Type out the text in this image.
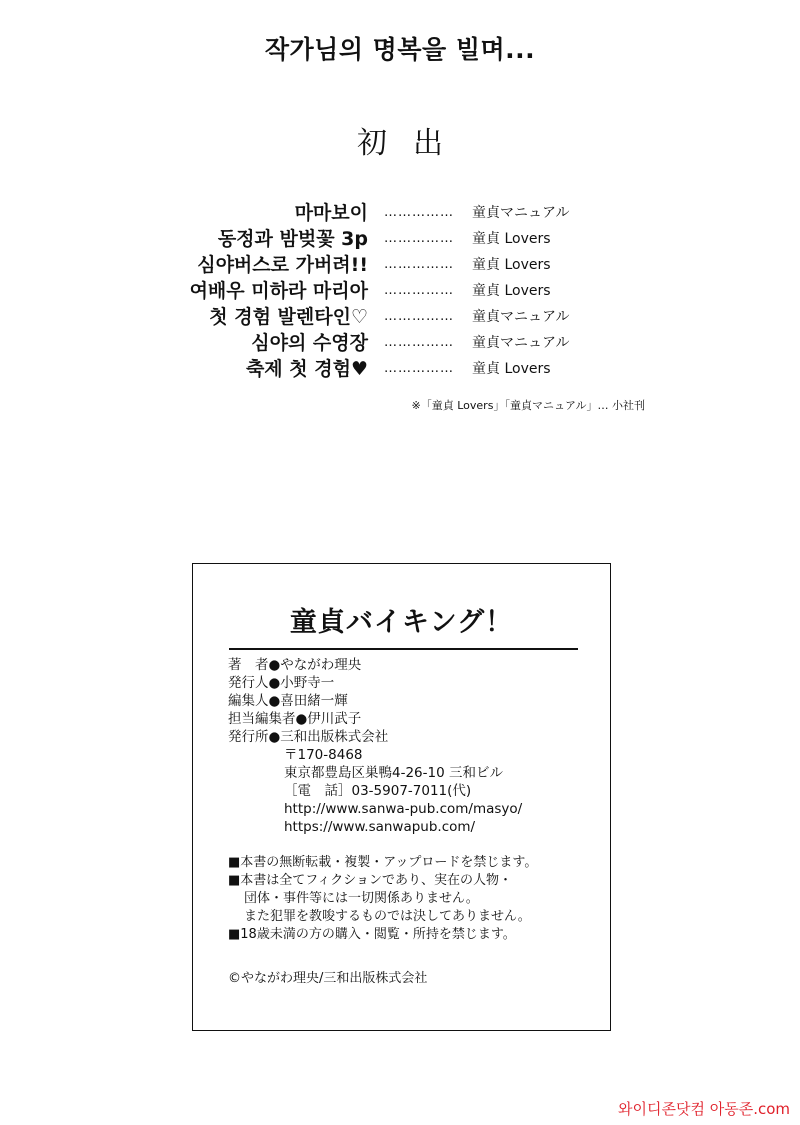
작가님의 명복을 빌며...
初出
마마보이 …………… 童貞マニュアル
동정과 밤벚꽃 3p …………… 童貞 Lovers
심야버스로 가버려!! …………… 童貞 Lovers
여배우 미하라 마리아 …………… 童貞 Lovers
첫 경험 발렌타인♡ …………… 童貞マニュアル
심야의 수영장 …………… 童貞マニュアル
축제 첫 경험♥ …………… 童貞 Lovers
※「童貞 Lovers」「童貞マニュアル」… 小社刊
童貞バイキング！
著　者●やながわ理央
発行人●小野寺一
編集人●喜田緒一輝
担当編集者●伊川武子
発行所●三和出版株式会社
〒170-8468
東京都豊島区巣鴨4-26-10 三和ビル
［電　話］03-5907-7011(代)
http://www.sanwa-pub.com/masyo/
https://www.sanwapub.com/
■本書の無断転載・複製・アップロードを禁じます。
■本書は全てフィクションであり、実在の人物・
団体・事件等には一切関係ありません。
また犯罪を教唆するものでは決してありません。
■18歳未満の方の購入・閲覧・所持を禁じます。
©やながわ理央/三和出版株式会社
와이디존닷컴 아동존.com
